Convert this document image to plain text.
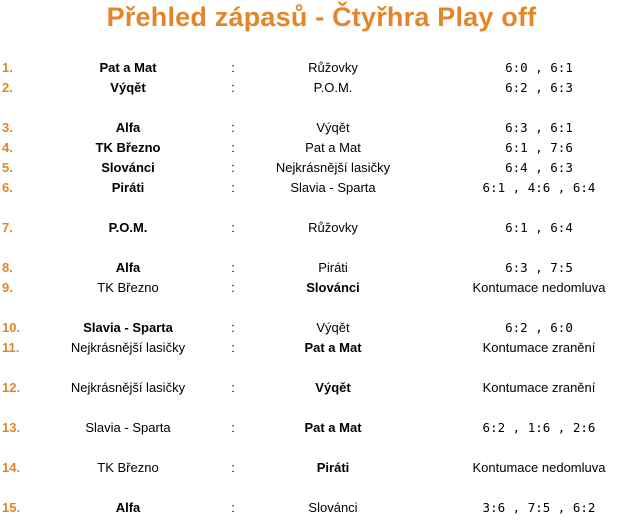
Přehled zápasů - Čtyřhra Play off
1.	Pat a Mat	:	Růžovky	6:0 , 6:1
2.	Výqět	:	P.O.M.	6:2 , 6:3
3.	Alfa	:	Výqět	6:3 , 6:1
4.	TK Březno	:	Pat a Mat	6:1 , 7:6
5.	Slovánci	:	Nejkrásnější lasičky	6:4 , 6:3
6.	Piráti	:	Slavia - Sparta	6:1 , 4:6 , 6:4
7.	P.O.M.	:	Růžovky	6:1 , 6:4
8.	Alfa	:	Piráti	6:3 , 7:5
9.	TK Březno	:	Slovánci	Kontumace nedomluva
10.	Slavia - Sparta	:	Výqět	6:2 , 6:0
11.	Nejkrásnější lasičky	:	Pat a Mat	Kontumace zranění
12.	Nejkrásnější lasičky	:	Výqět	Kontumace zranění
13.	Slavia - Sparta	:	Pat a Mat	6:2 , 1:6 , 2:6
14.	TK Březno	:	Piráti	Kontumace nedomluva
15.	Alfa	:	Slovánci	3:6 , 7:5 , 6:2
